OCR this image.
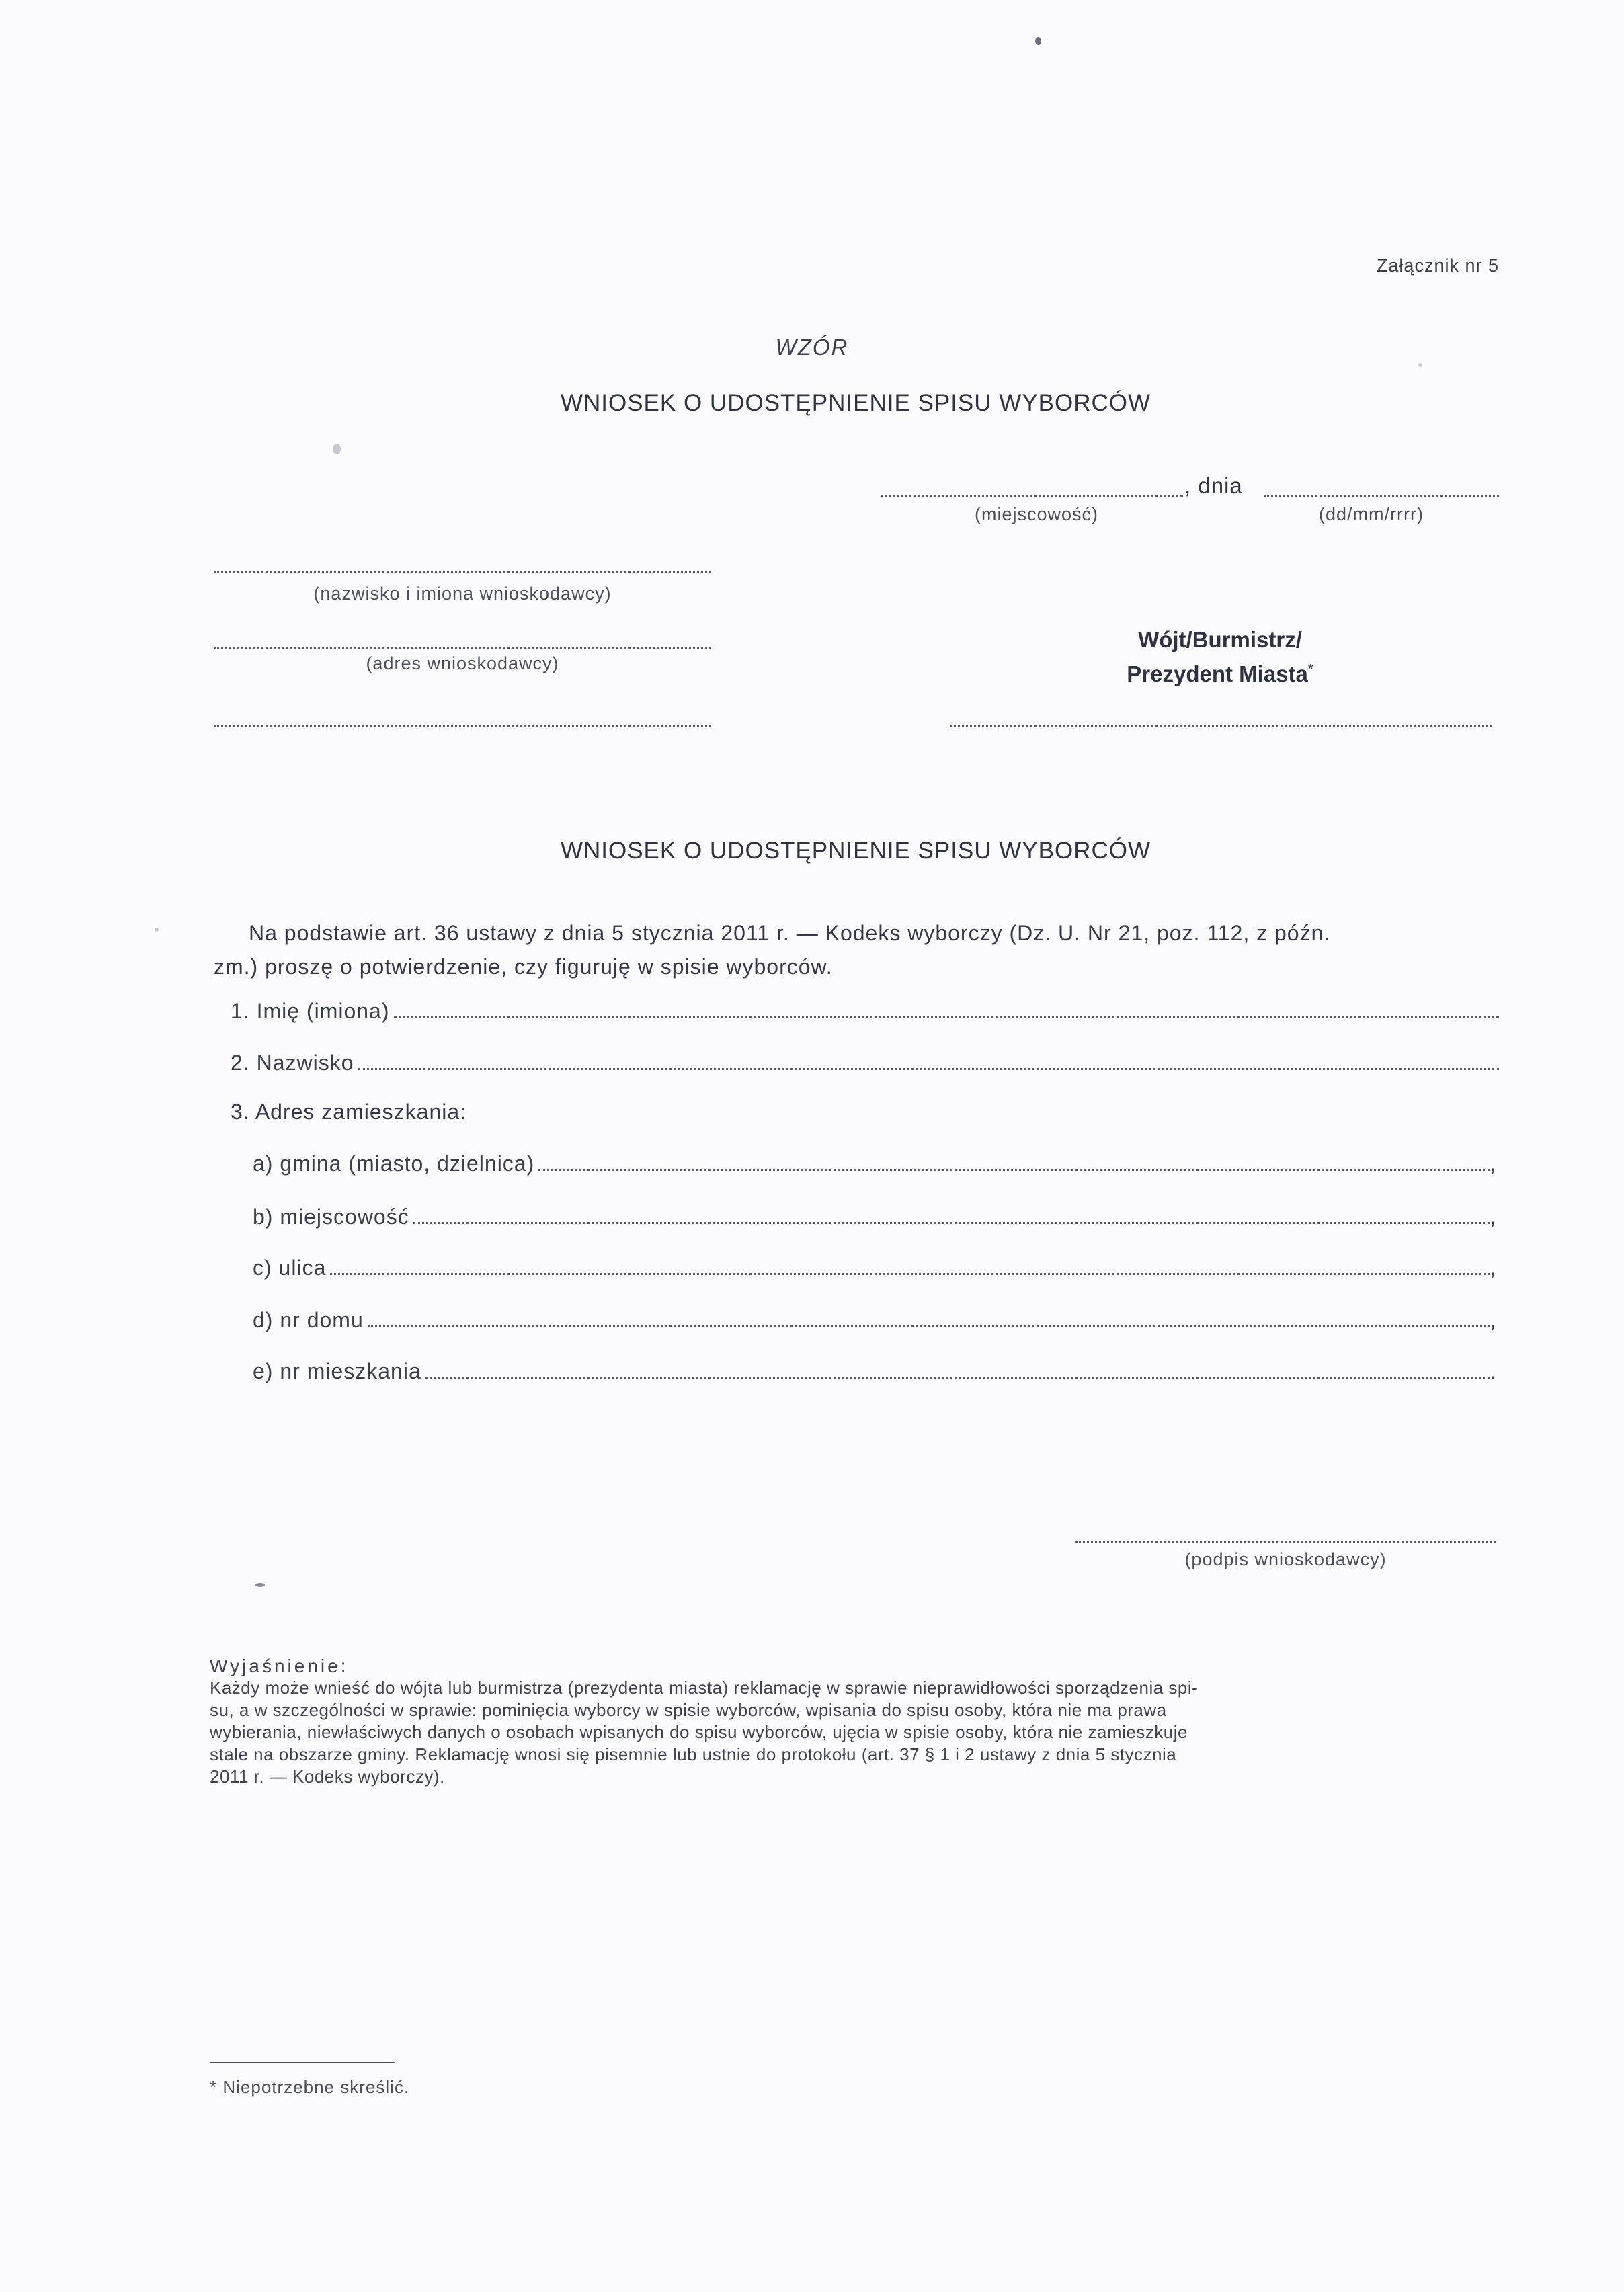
Załącznik nr 5
WZÓR
WNIOSEK O UDOSTĘPNIENIE SPISU WYBORCÓW
, dnia
(miejscowość)	(dd/mm/rrrr)
(nazwisko i imiona wnioskodawcy)
(adres wnioskodawcy)
Wójt/Burmistrz/
Prezydent Miasta*
WNIOSEK O UDOSTĘPNIENIE SPISU WYBORCÓW
Na podstawie art. 36 ustawy z dnia 5 stycznia 2011 r. — Kodeks wyborczy (Dz. U. Nr 21, poz. 112, z późn.
zm.) proszę o potwierdzenie, czy figuruję w spisie wyborców.
1. Imię (imiona)
2. Nazwisko
3. Adres zamieszkania:
a) gmina (miasto, dzielnica)	,
b) miejscowość	,
c) ulica	,
d) nr domu	,
e) nr mieszkania	.
(podpis wnioskodawcy)
Wyjaśnienie:
Każdy może wnieść do wójta lub burmistrza (prezydenta miasta) reklamację w sprawie nieprawidłowości sporządzenia spi-
su, a w szczególności w sprawie: pominięcia wyborcy w spisie wyborców, wpisania do spisu osoby, która nie ma prawa
wybierania, niewłaściwych danych o osobach wpisanych do spisu wyborców, ujęcia w spisie osoby, która nie zamieszkuje
stale na obszarze gminy. Reklamację wnosi się pisemnie lub ustnie do protokołu (art. 37 § 1 i 2 ustawy z dnia 5 stycznia
2011 r. — Kodeks wyborczy).
* Niepotrzebne skreślić.
